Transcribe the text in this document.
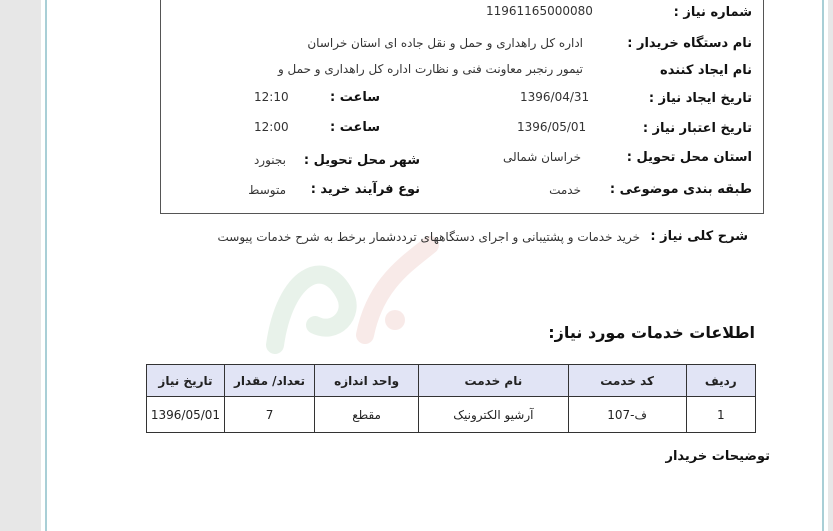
شماره نیاز :
11961165000080
نام دستگاه خریدار :
اداره کل راهداری و حمل و نقل جاده ای استان خراسان
نام ایجاد کننده
تیمور رنجبر معاونت فنی و نظارت اداره کل راهداری و حمل و
تاریخ ایجاد نیاز :
1396/04/31
ساعت :
12:10
تاریخ اعتبار نیاز :
1396/05/01
ساعت :
12:00
استان محل تحویل :
خراسان شمالی
شهر محل تحویل :
بجنورد
طبقه بندی موضوعی :
خدمت
نوع فرآیند خرید :
متوسط
شرح کلی نیاز :
خرید خدمات و پشتیبانی و اجرای دستگاههای ترددشمار برخط به شرح خدمات پیوست
اطلاعات خدمات مورد نیاز:
ردیف	کد خدمت	نام خدمت	واحد اندازه	تعداد/ مقدار	تاریخ نیاز
1	ف-107	آرشیو الکترونیک	مقطع	7	1396/05/01
توضیحات خریدار
